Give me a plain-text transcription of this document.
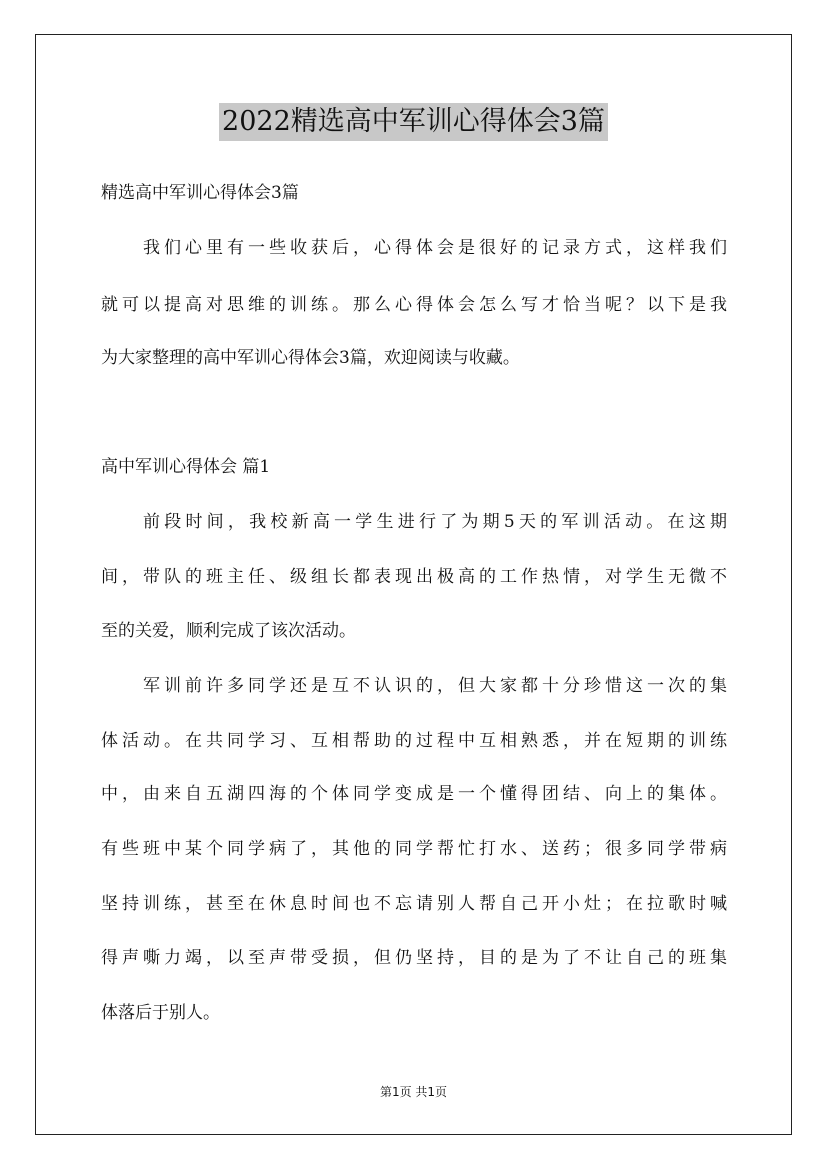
2022精选高中军训心得体会3篇
精选高中军训心得体会3篇
我们心里有一些收获后，心得体会是很好的记录方式，这样我们
就可以提高对思维的训练。那么心得体会怎么写才恰当呢？以下是我
为大家整理的高中军训心得体会3篇，欢迎阅读与收藏。
高中军训心得体会 篇1
前段时间，我校新高一学生进行了为期5天的军训活动。在这期
间，带队的班主任、级组长都表现出极高的工作热情，对学生无微不
至的关爱，顺利完成了该次活动。
军训前许多同学还是互不认识的，但大家都十分珍惜这一次的集
体活动。在共同学习、互相帮助的过程中互相熟悉，并在短期的训练
中，由来自五湖四海的个体同学变成是一个懂得团结、向上的集体。
有些班中某个同学病了，其他的同学帮忙打水、送药；很多同学带病
坚持训练，甚至在休息时间也不忘请别人帮自己开小灶；在拉歌时喊
得声嘶力竭，以至声带受损，但仍坚持，目的是为了不让自己的班集
体落后于别人。
第1页 共1页
